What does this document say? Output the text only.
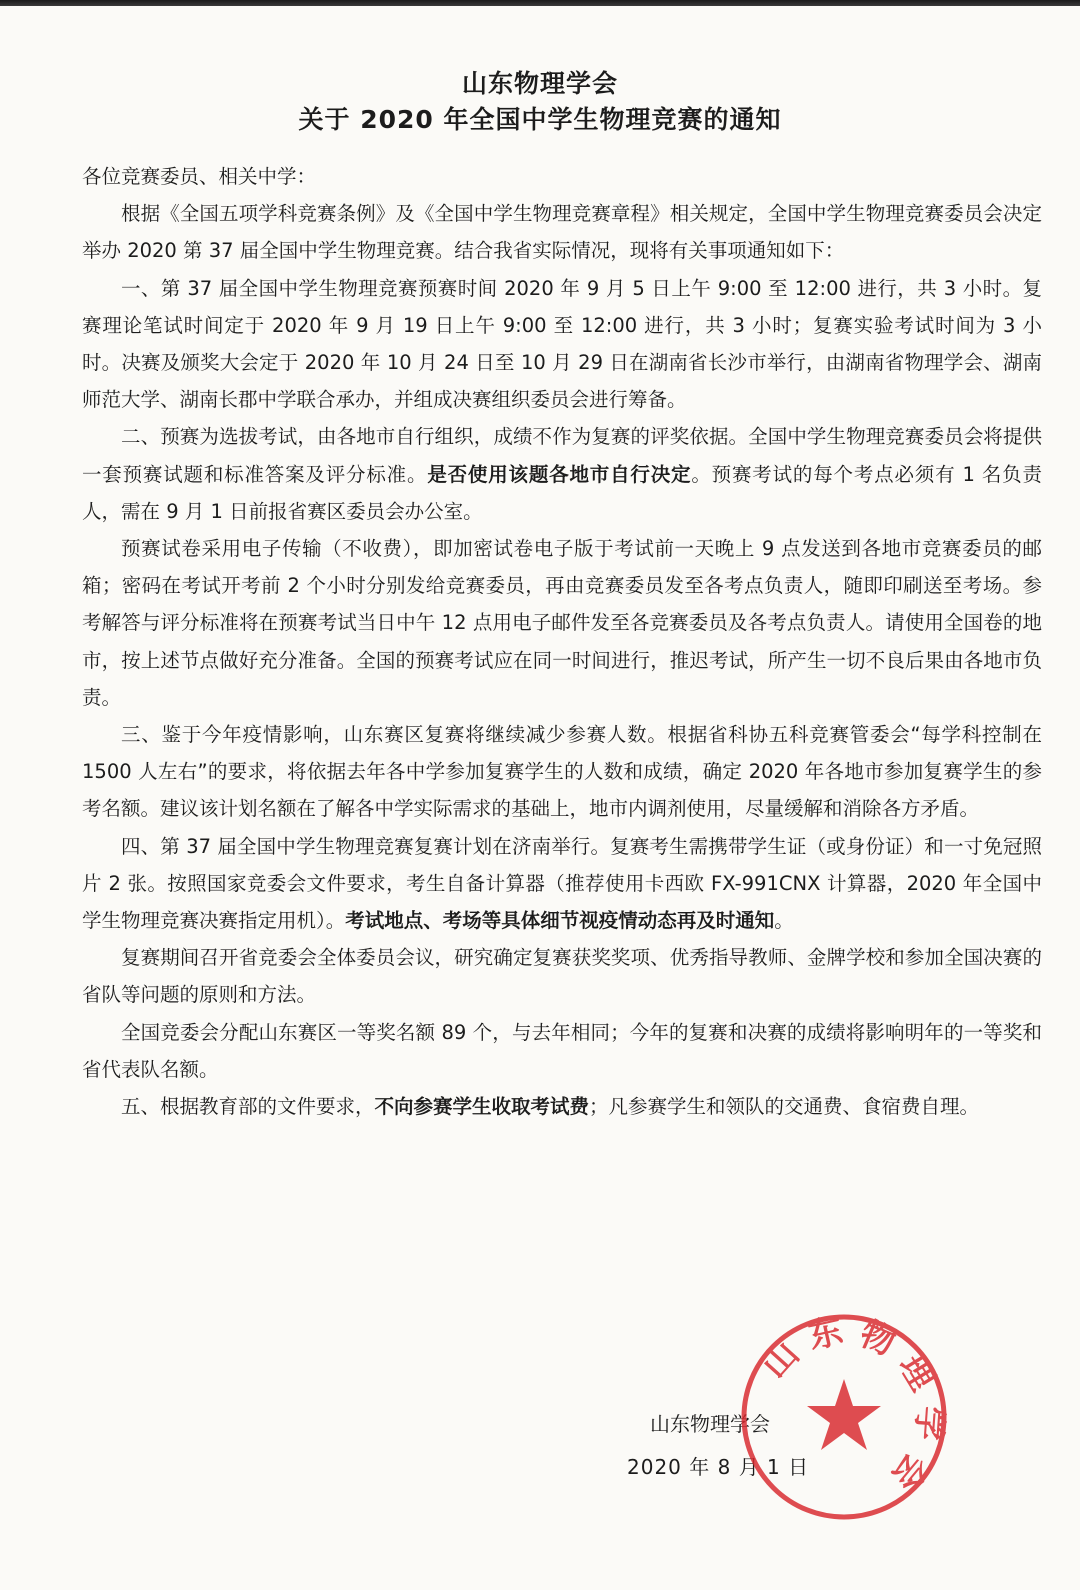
山东物理学会
关于 2020 年全国中学生物理竞赛的通知

各位竞赛委员、相关中学：

根据《全国五项学科竞赛条例》及《全国中学生物理竞赛章程》相关规定，全国中学生物理竞赛委员会决定举办 2020 第 37 届全国中学生物理竞赛。结合我省实际情况，现将有关事项通知如下：

一、第 37 届全国中学生物理竞赛预赛时间 2020 年 9 月 5 日上午 9:00 至 12:00 进行，共 3 小时。复赛理论笔试时间定于 2020 年 9 月 19 日上午 9:00 至 12:00 进行，共 3 小时；复赛实验考试时间为 3 小时。决赛及颁奖大会定于 2020 年 10 月 24 日至 10 月 29 日在湖南省长沙市举行，由湖南省物理学会、湖南师范大学、湖南长郡中学联合承办，并组成决赛组织委员会进行筹备。

二、预赛为选拔考试，由各地市自行组织，成绩不作为复赛的评奖依据。全国中学生物理竞赛委员会将提供一套预赛试题和标准答案及评分标准。是否使用该题各地市自行决定。预赛考试的每个考点必须有 1 名负责人，需在 9 月 1 日前报省赛区委员会办公室。

预赛试卷采用电子传输（不收费），即加密试卷电子版于考试前一天晚上 9 点发送到各地市竞赛委员的邮箱；密码在考试开考前 2 个小时分别发给竞赛委员，再由竞赛委员发至各考点负责人，随即印刷送至考场。参考解答与评分标准将在预赛考试当日中午 12 点用电子邮件发至各竞赛委员及各考点负责人。请使用全国卷的地市，按上述节点做好充分准备。全国的预赛考试应在同一时间进行，推迟考试，所产生一切不良后果由各地市负责。

三、鉴于今年疫情影响，山东赛区复赛将继续减少参赛人数。根据省科协五科竞赛管委会“每学科控制在 1500 人左右”的要求，将依据去年各中学参加复赛学生的人数和成绩，确定 2020 年各地市参加复赛学生的参考名额。建议该计划名额在了解各中学实际需求的基础上，地市内调剂使用，尽量缓解和消除各方矛盾。

四、第 37 届全国中学生物理竞赛复赛计划在济南举行。复赛考生需携带学生证（或身份证）和一寸免冠照片 2 张。按照国家竞委会文件要求，考生自备计算器（推荐使用卡西欧 FX-991CNX 计算器，2020 年全国中学生物理竞赛决赛指定用机）。考试地点、考场等具体细节视疫情动态再及时通知。

复赛期间召开省竞委会全体委员会议，研究确定复赛获奖奖项、优秀指导教师、金牌学校和参加全国决赛的省队等问题的原则和方法。

全国竞委会分配山东赛区一等奖名额 89 个，与去年相同；今年的复赛和决赛的成绩将影响明年的一等奖和省代表队名额。

五、根据教育部的文件要求，不向参赛学生收取考试费；凡参赛学生和领队的交通费、食宿费自理。

山东物理学会
2020 年 8 月 1 日
山 东 物 理 学 会
